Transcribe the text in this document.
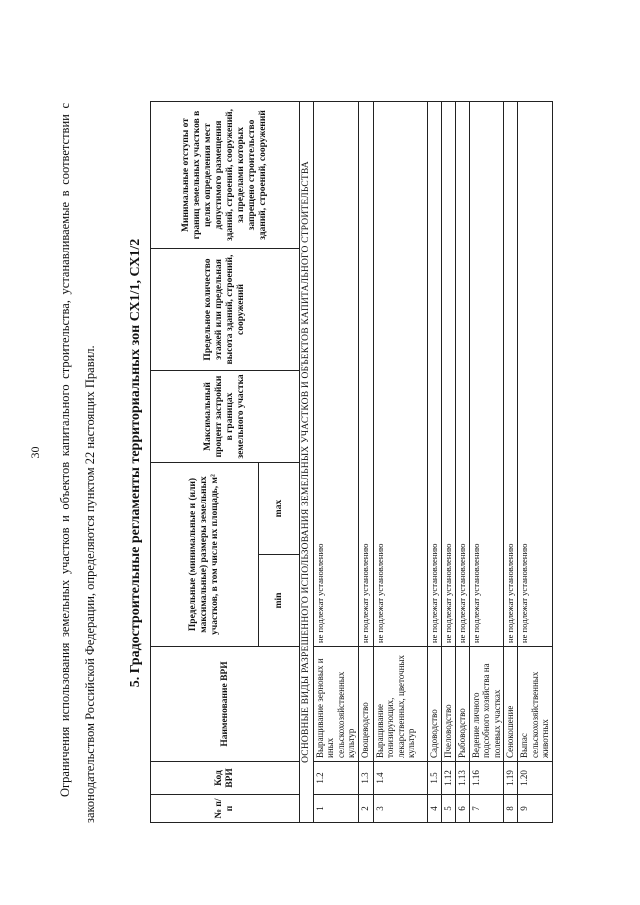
30	Ограничения использования земельных участков и объектов капитального строительства, устанавливаемые в соответствии с законодательством Российской Федерации, определяются пунктом 22 настоящих Правил.	5. Градостроительные регламенты территориальных зон СХ1/1, СХ1/2
№ п/п	Код ВРИ	Наименование ВРИ	Предельные (минимальные и (или) максимальные) размеры земельных участков, в том числе их площадь, м²		Максимальный процент застройки в границах земельного участка	Предельное количество этажей или предельная высота зданий, строений, сооружений	Минимальные отступы от границ земельных участков в целях определения мест допустимого размещения зданий, строений, сооружений, за пределами которых запрещено строительство зданий, строений, сооружений
			min	max			
ОСНОВНЫЕ ВИДЫ РАЗРЕШЕННОГО ИСПОЛЬЗОВАНИЯ ЗЕМЕЛЬНЫХ УЧАСТКОВ И ОБЪЕКТОВ КАПИТАЛЬНОГО СТРОИТЕЛЬСТВА							
1	1.2	Выращивание зерновых и иных сельскохозяйственных культур	не подлежат установлению				
2	1.3	Овощеводство	не подлежат установлению				
3	1.4	Выращивание тонизирующих, лекарственных, цветочных культур	не подлежат установлению				
4	1.5	Садоводство	не подлежат установлению				
5	1.12	Пчеловодство	не подлежат установлению				
6	1.13	Рыбоводство	не подлежат установлению				
7	1.16	Ведение личного подсобного хозяйства на полевых участках	не подлежат установлению				
8	1.19	Сенокошение	не подлежат установлению				
9	1.20	Выпас сельскохозяйственных животных	не подлежат установлению				
